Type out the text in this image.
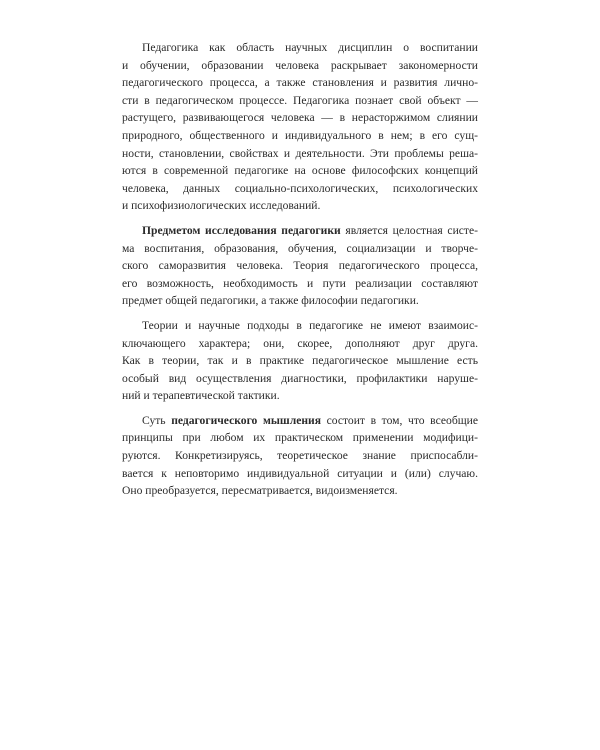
Педагогика как область научных дисциплин о воспитании
и обучении, образовании человека раскрывает закономерности
педагогического процесса, а также становления и развития лично-
сти в педагогическом процессе. Педагогика познает свой объект —
растущего, развивающегося человека — в нерасторжимом слиянии
природного, общественного и индивидуального в нем; в его сущ-
ности, становлении, свойствах и деятельности. Эти проблемы реша-
ются в современной педагогике на основе философских концепций
человека, данных социально-психологических, психологических
и психофизиологических исследований.
Предметом исследования педагогики является целостная систе-
ма воспитания, образования, обучения, социализации и творче-
ского саморазвития человека. Теория педагогического процесса,
его возможность, необходимость и пути реализации составляют
предмет общей педагогики, а также философии педагогики.
Теории и научные подходы в педагогике не имеют взаимоис-
ключающего характера; они, скорее, дополняют друг друга.
Как в теории, так и в практике педагогическое мышление есть
особый вид осуществления диагностики, профилактики наруше-
ний и терапевтической тактики.
Суть педагогического мышления состоит в том, что всеобщие
принципы при любом их практическом применении модифици-
руются. Конкретизируясь, теоретическое знание приспосабли-
вается к неповторимо индивидуальной ситуации и (или) случаю.
Оно преобразуется, пересматривается, видоизменяется.
